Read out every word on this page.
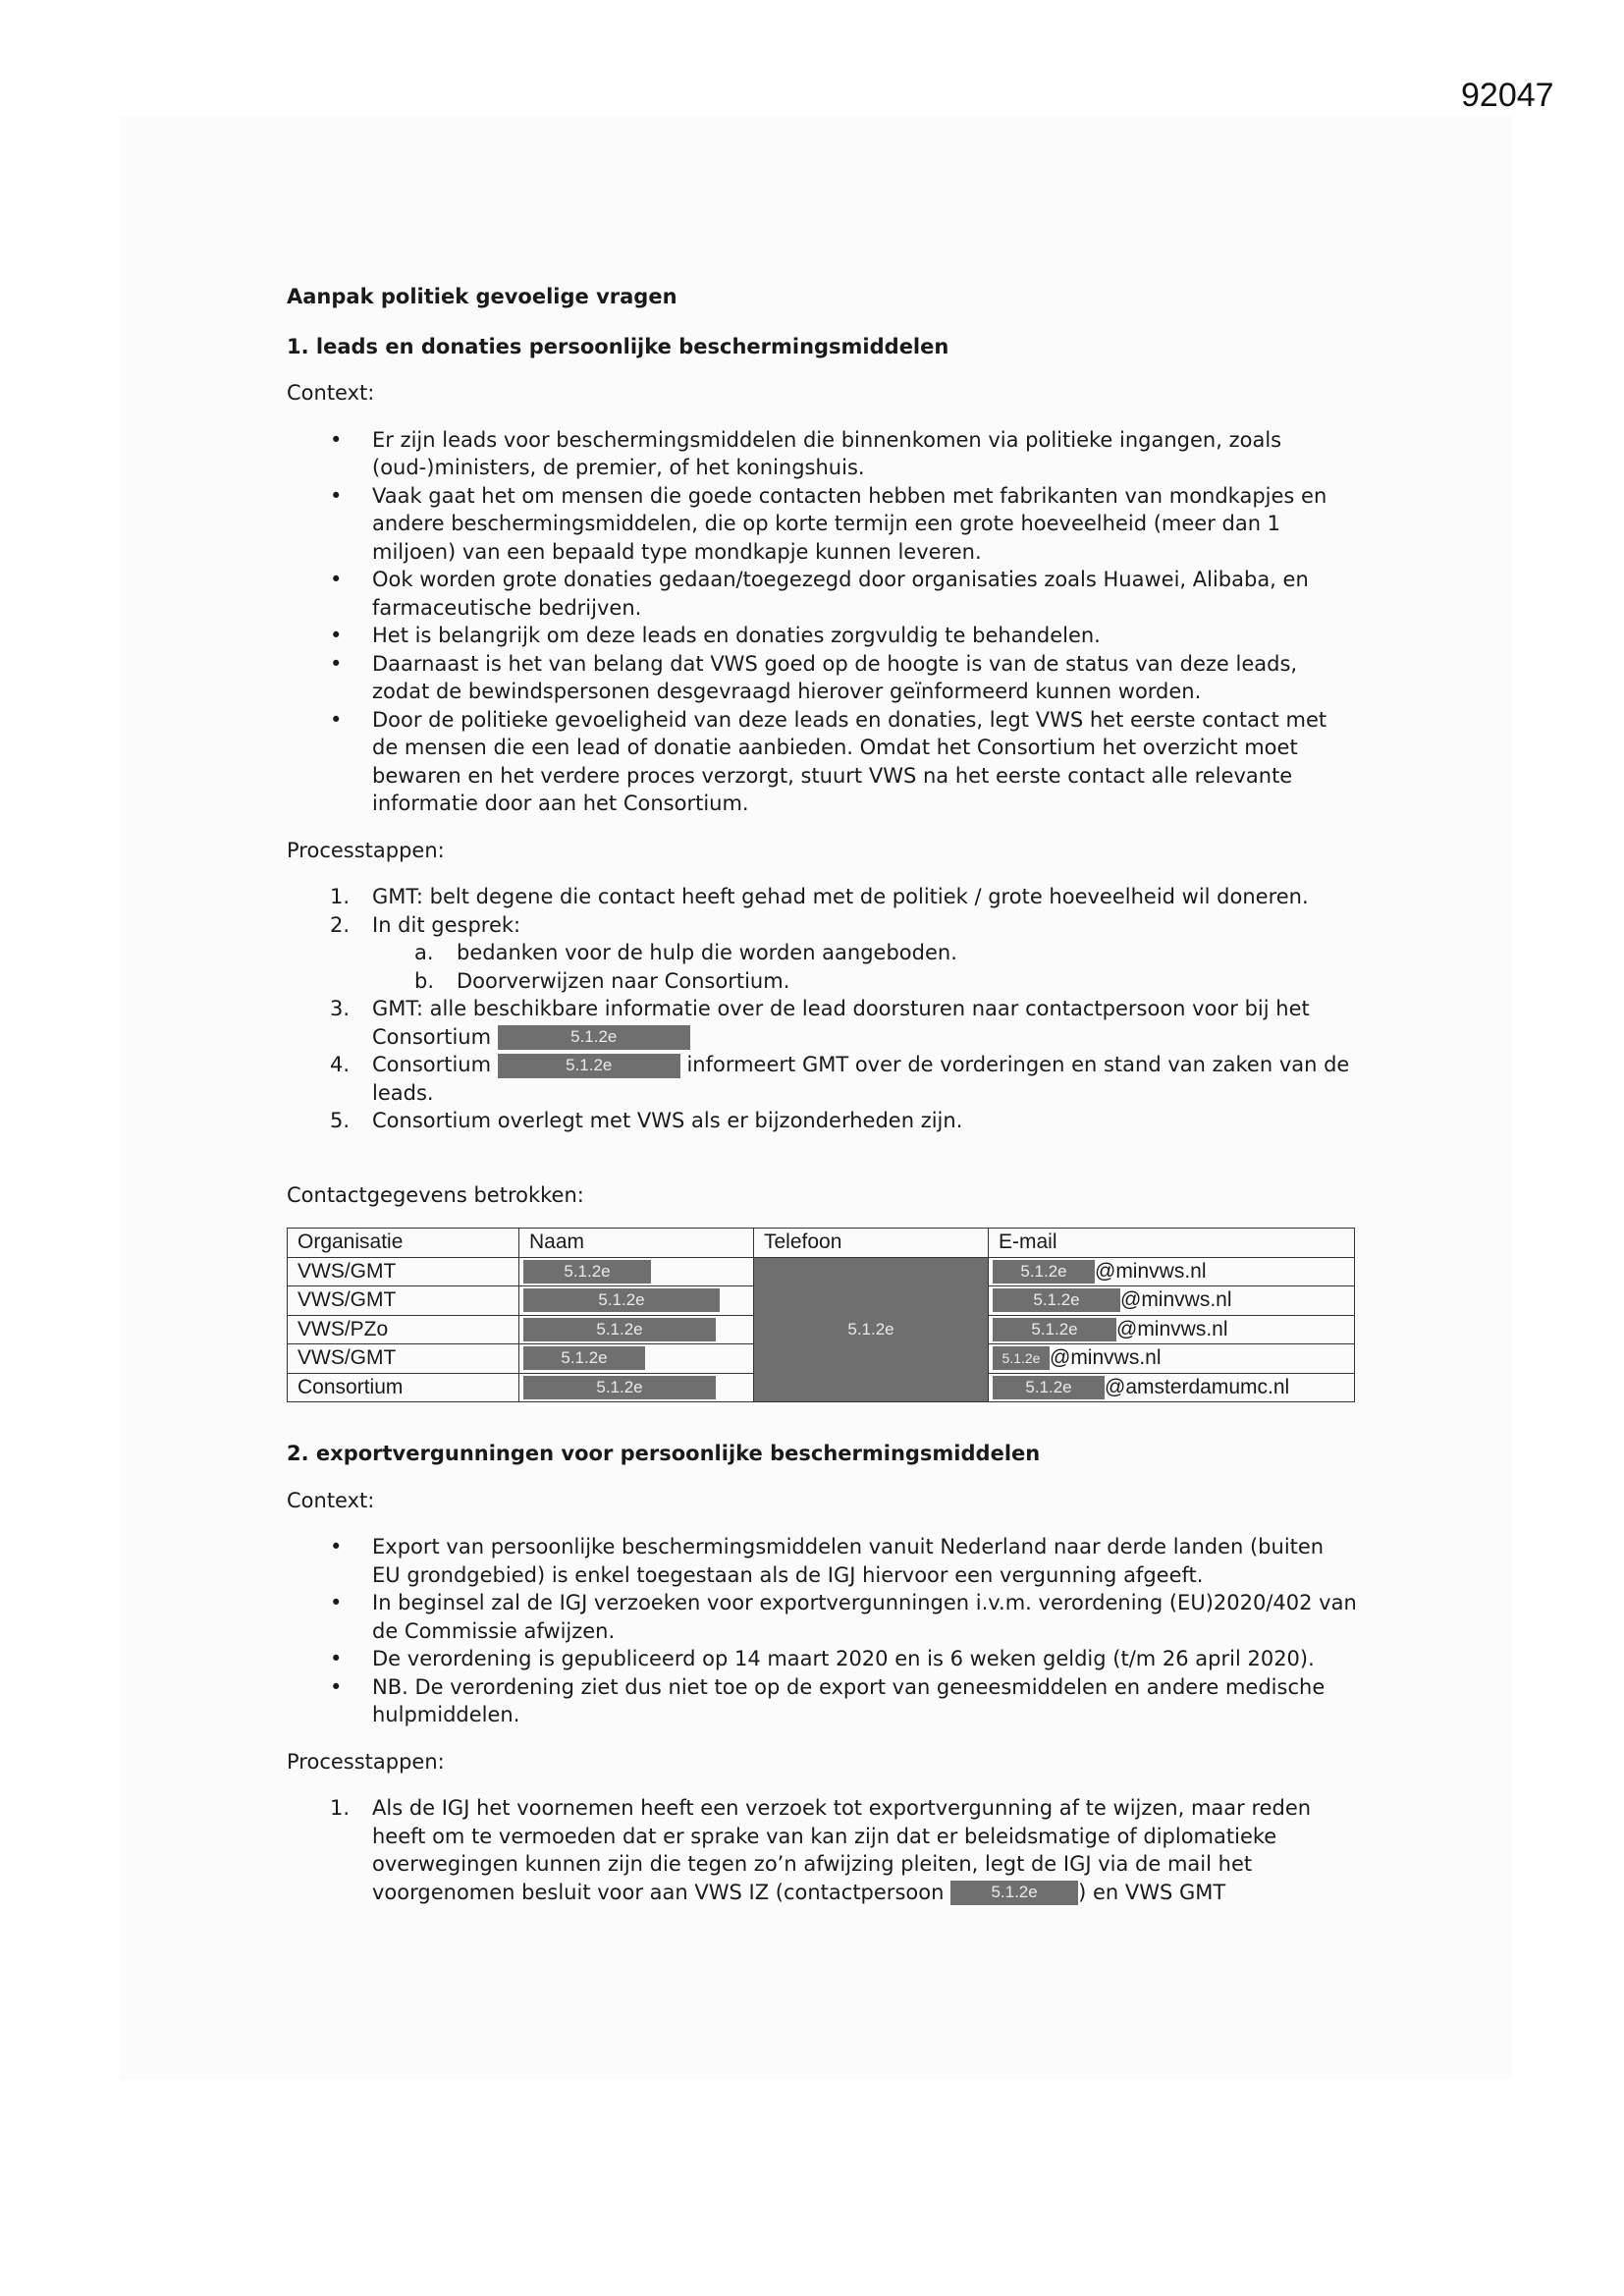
92047
Aanpak politiek gevoelige vragen
1. leads en donaties persoonlijke beschermingsmiddelen
Context:
• Er zijn leads voor beschermingsmiddelen die binnenkomen via politieke ingangen, zoals (oud-)ministers, de premier, of het koningshuis.
• Vaak gaat het om mensen die goede contacten hebben met fabrikanten van mondkapjes en andere beschermingsmiddelen, die op korte termijn een grote hoeveelheid (meer dan 1 miljoen) van een bepaald type mondkapje kunnen leveren.
• Ook worden grote donaties gedaan/toegezegd door organisaties zoals Huawei, Alibaba, en farmaceutische bedrijven.
• Het is belangrijk om deze leads en donaties zorgvuldig te behandelen.
• Daarnaast is het van belang dat VWS goed op de hoogte is van de status van deze leads, zodat de bewindspersonen desgevraagd hierover geïnformeerd kunnen worden.
• Door de politieke gevoeligheid van deze leads en donaties, legt VWS het eerste contact met de mensen die een lead of donatie aanbieden. Omdat het Consortium het overzicht moet bewaren en het verdere proces verzorgt, stuurt VWS na het eerste contact alle relevante informatie door aan het Consortium.
Processtappen:
1. GMT: belt degene die contact heeft gehad met de politiek / grote hoeveelheid wil doneren.
2. In dit gesprek:
a. bedanken voor de hulp die worden aangeboden.
b. Doorverwijzen naar Consortium.
3. GMT: alle beschikbare informatie over de lead doorsturen naar contactpersoon voor bij het Consortium	5.1.2e
4. Consortium	5.1.2e	informeert GMT over de vorderingen en stand van zaken van de leads.
5. Consortium overlegt met VWS als er bijzonderheden zijn.
Contactgegevens betrokken:
Organisatie	Naam	Telefoon	E-mail
VWS/GMT	5.1.2e	5.1.2e	5.1.2e @minvws.nl
VWS/GMT	5.1.2e		5.1.2e @minvws.nl
VWS/PZo	5.1.2e		5.1.2e @minvws.nl
VWS/GMT	5.1.2e		5.1.2e @minvws.nl
Consortium	5.1.2e		5.1.2e @amsterdamumc.nl
2. exportvergunningen voor persoonlijke beschermingsmiddelen
Context:
• Export van persoonlijke beschermingsmiddelen vanuit Nederland naar derde landen (buiten EU grondgebied) is enkel toegestaan als de IGJ hiervoor een vergunning afgeeft.
• In beginsel zal de IGJ verzoeken voor exportvergunningen i.v.m. verordening (EU)2020/402 van de Commissie afwijzen.
• De verordening is gepubliceerd op 14 maart 2020 en is 6 weken geldig (t/m 26 april 2020).
• NB. De verordening ziet dus niet toe op de export van geneesmiddelen en andere medische hulpmiddelen.
Processtappen:
1. Als de IGJ het voornemen heeft een verzoek tot exportvergunning af te wijzen, maar reden heeft om te vermoeden dat er sprake van kan zijn dat er beleidsmatige of diplomatieke overwegingen kunnen zijn die tegen zo’n afwijzing pleiten, legt de IGJ via de mail het voorgenomen besluit voor aan VWS IZ (contactpersoon	5.1.2e ) en VWS GMT
